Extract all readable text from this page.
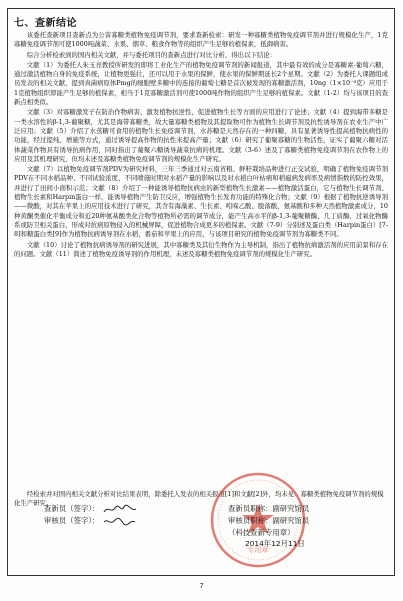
七、查新结论

该委托查新项目查新点为公害寡糖类植物免疫调节剂，要求查新检索：研发一种寡糖类植物免疫调节剂并进行规模化生产，1克寡糖免疫调节剂可使1000吨蔬菜、水果、烟草、粮食作物等的组织产生足够的植保素，抵御病害。

综合分析检索到的国内相关文献，并与委托项目的查新点进行对比分析，得出以下结论：

文献（1）为委托人朱玉亮教授所研发的即将工业化生产的植物免疫调节剂的新闻报道，其中最有效的成分是寡糖素-葡萄六糖，通过激活植物自身的免疫系统，让植物更强壮，还可以用于水果的保鲜，使水果的保鲜期延长2个星期。文献（2）为委托人课题组成员发表的相关文献，提到真菌病原体Pmg的细胞壁多糖中的连接的葡萄七糖是首次被发现的寡糖激活剂，10ng（1×10⁻⁸克）应用于1克植物组织即能产生足够的植保素，相当于1克寡糖激活剂可使1000吨作物的组织产生足够的植保素。文献（1-2）均与该项目的查新点相类似。

文献（3）对寡糖激发子在防治作物病害、激发植物抗逆性、促进植物生长等方面的应用进行了论述；文献（4）提到海带多糖是一类水溶性的β-1,3-葡聚糖，尤其是海带寡糖类，故大量寡糖类植物及其提取物可作为植物生长调节剂及抗性诱导剂在农业生产中广泛应用；文献（5）介绍了水蒸糖可食用的植物生长免疫调节剂，水苏糖是天然存在的一种四糖，具有显著诱导性提高植物抗病性的功能，经过提纯、增施等方式，通过诱导提高作物的抗性来提高产量；文献（6）研究了葡聚寡糖的生物活性，证实了葡聚六糖对活体蔬菜作物具有诱导抗病作用，同时指出了葡聚六糖诱导蔬菜抗病的机理。文献（3-6）述及了寡糖类植物免疫调节剂在农作物上的应用及其机理研究，但均未述及寡糖类植物免疫调节剂的规模化生产研究。

文献（7）以植物免疫调节剂PDV为研究材料，三年三季通过对云南省粮、鲜籽栽培品种进行正交试验，明确了植物免疫调节剂PDV在不同水稻品种、不同试验浓度、不同喷施时期对水稻产量的影响以及对水稻白叶枯病和稻瘟病发病率及病情指数的防控效果，并进行了田间小面积示范；文献（8）介绍了一种能诱导植物抗病虫的新型植物生长激素——植物激活蛋白，它与植物生长调节剂、植物生长素和Harpin蛋白一样，能诱导植物产生防卫反应，增强植物生长发育功能的特殊化合物；文献（9）根据了植物抗逆诱导剂——微酸，对其在苹果上的应用技术进行了研究，其含有海藻素、生长素、吲哚乙酸、脱落酸、氨基酸和多种天然植物激素成分，10种黄酮类催化平衡成分和近20种氨基酸类化合物等植物所必需的调节成分，能产生高水平的β-1,3-葡聚糖酶、几丁质酶、过氧化物酶系或防卫相关蛋白，形成对抗病原物侵入的机械屏障，促进植物合成更多的植保素。文献（7-9）分别述及蛋白类（Harpin蛋白）[7-8]和糖蛋白类[9]作为植物抗病诱导剂在水稻、番茄和苹果上的应用，与该项目研究的植物免疫调节剂为寡糖类不同。

文献（10）讨论了植物抗病诱导剂的研究进展，其中寡糖类及其衍生物作为主导机制，指出了植物抗病激活剂的应用前景和存在的问题。文献（11）简述了植物免疫诱导剂的作用机理，未述及寡糖类植物免疫调节剂的规模化生产研究。

经检索并对国内相关文献分析对比结果表明，除委托人发表的相关报道[1]和文献[2]外，均未见：寡糖类植物免疫调节剂的规模化生产研究。
专用章
查新员（签字）：
审核员（签字）：
查新员职称： 副研究馆员
审核员职称： 副研究馆员
（科技查新专用章）
2014年12月11日
7
